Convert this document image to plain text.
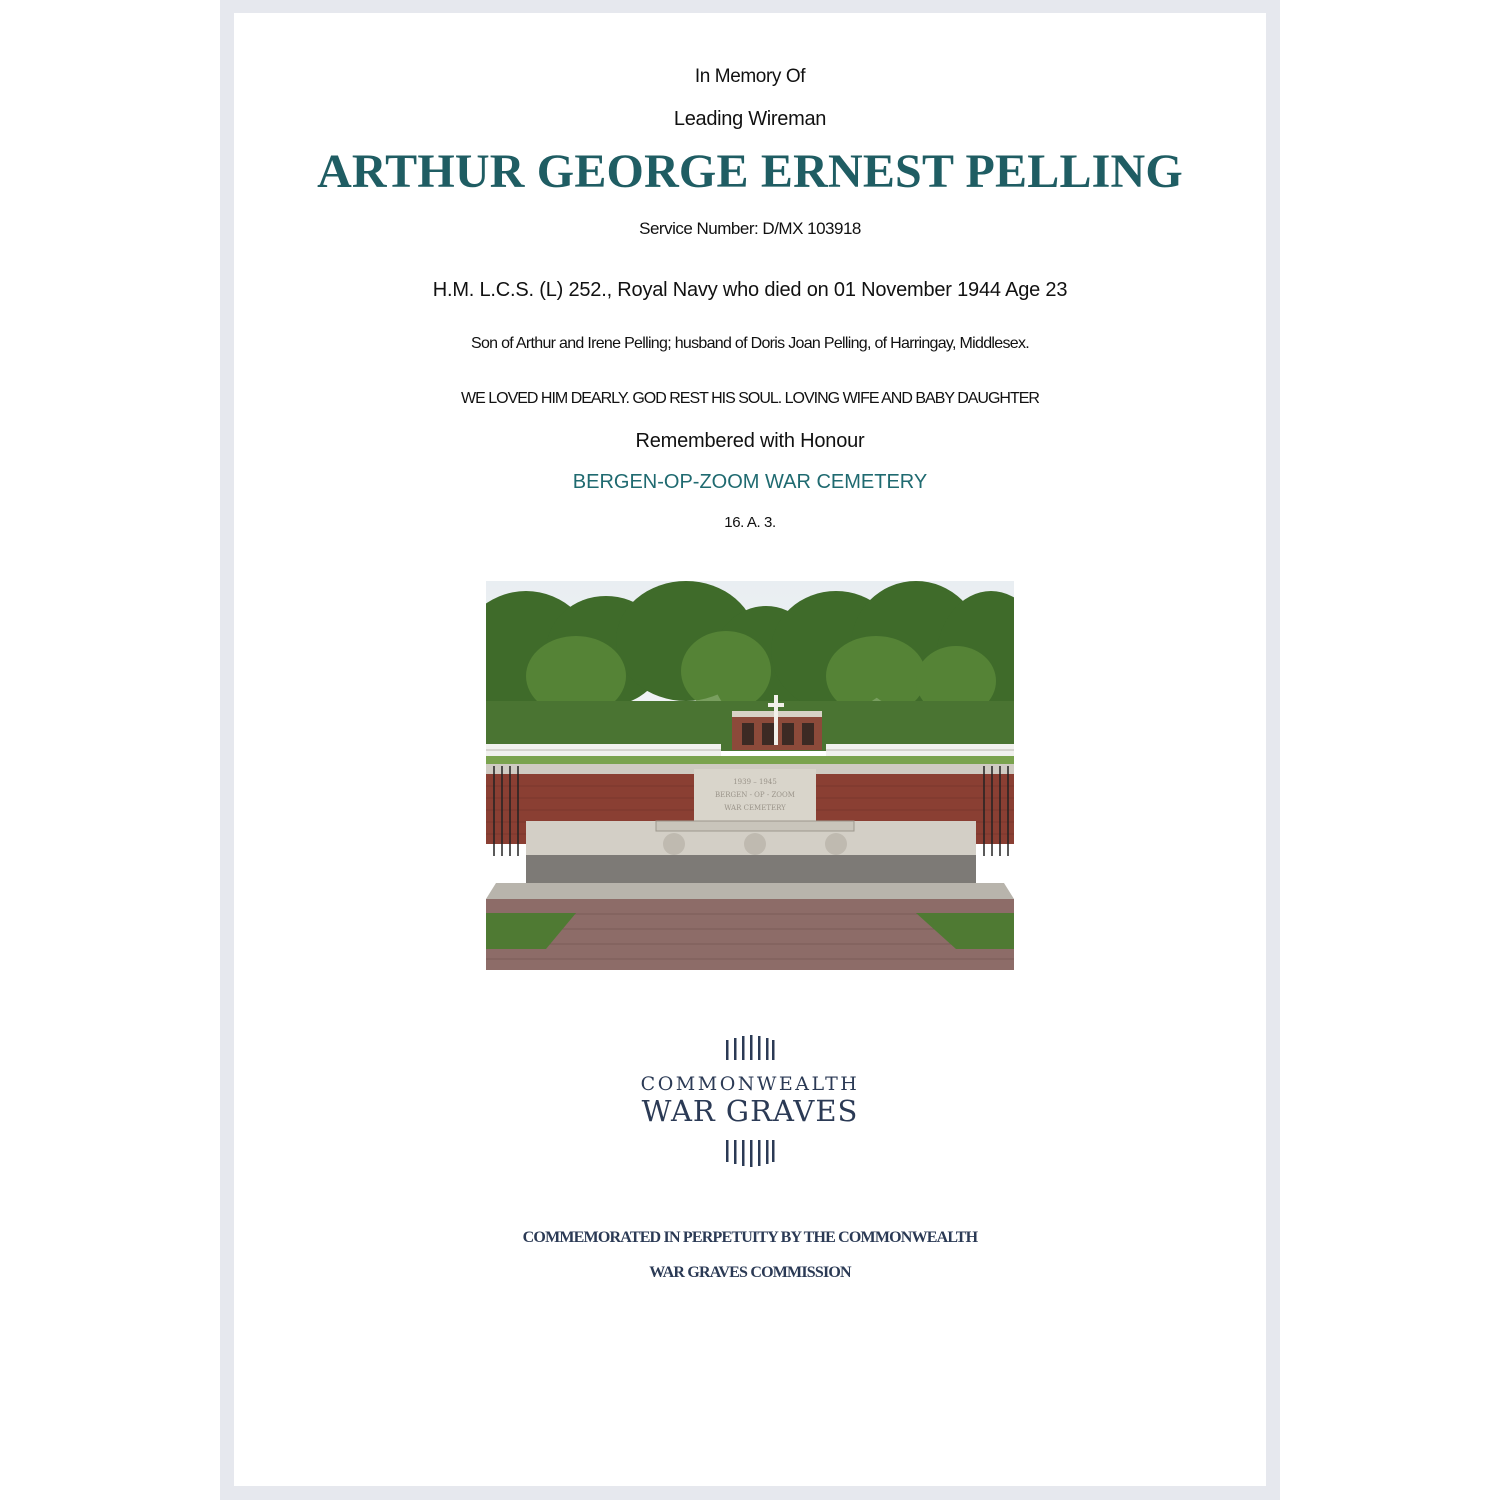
In Memory Of
Leading Wireman
ARTHUR GEORGE ERNEST PELLING
Service Number: D/MX 103918
H.M. L.C.S. (L) 252., Royal Navy who died on 01 November 1944 Age 23
Son of Arthur and Irene Pelling; husband of Doris Joan Pelling, of Harringay, Middlesex.
WE LOVED HIM DEARLY. GOD REST HIS SOUL. LOVING WIFE AND BABY DAUGHTER
Remembered with Honour
BERGEN-OP-ZOOM WAR CEMETERY
16. A. 3.
1939 – 1945
BERGEN - OP - ZOOM
WAR CEMETERY
COMMONWEALTH
WAR GRAVES
COMMEMORATED IN PERPETUITY BY THE COMMONWEALTH
WAR GRAVES COMMISSION
